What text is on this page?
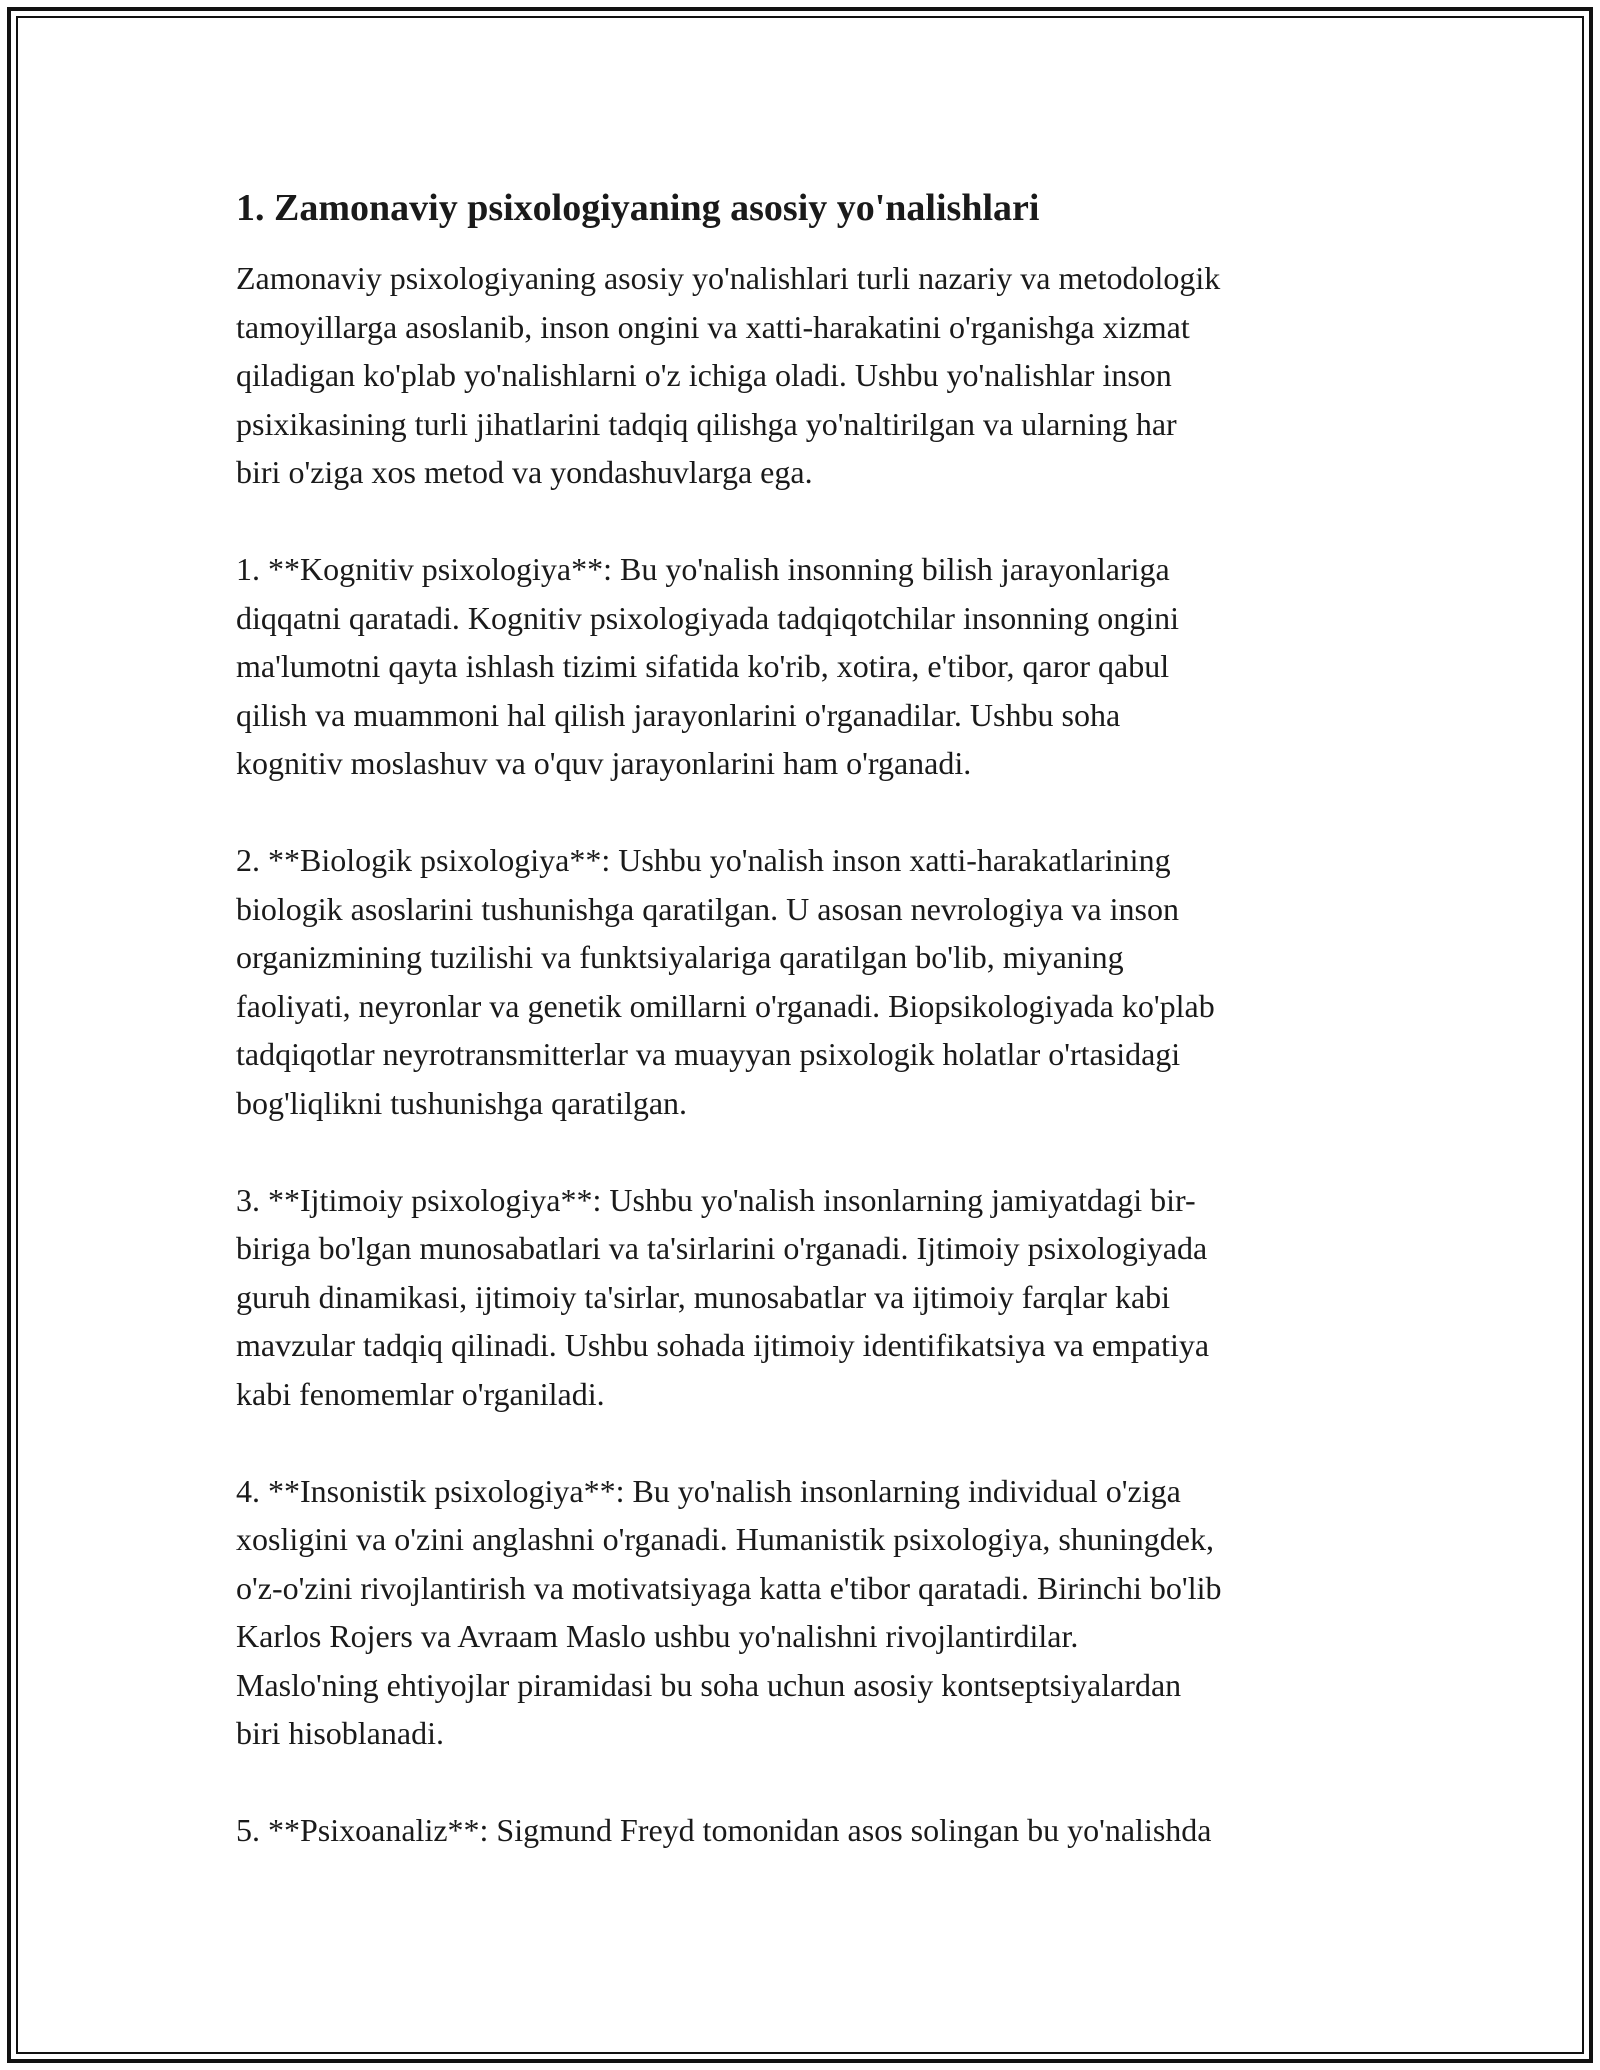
1. Zamonaviy psixologiyaning asosiy yo'nalishlari
Zamonaviy psixologiyaning asosiy yo'nalishlari turli nazariy va metodologik
tamoyillarga asoslanib, inson ongini va xatti-harakatini o'rganishga xizmat
qiladigan ko'plab yo'nalishlarni o'z ichiga oladi. Ushbu yo'nalishlar inson
psixikasining turli jihatlarini tadqiq qilishga yo'naltirilgan va ularning har
biri o'ziga xos metod va yondashuvlarga ega.
1. **Kognitiv psixologiya**: Bu yo'nalish insonning bilish jarayonlariga
diqqatni qaratadi. Kognitiv psixologiyada tadqiqotchilar insonning ongini
ma'lumotni qayta ishlash tizimi sifatida ko'rib, xotira, e'tibor, qaror qabul
qilish va muammoni hal qilish jarayonlarini o'rganadilar. Ushbu soha
kognitiv moslashuv va o'quv jarayonlarini ham o'rganadi.
2. **Biologik psixologiya**: Ushbu yo'nalish inson xatti-harakatlarining
biologik asoslarini tushunishga qaratilgan. U asosan nevrologiya va inson
organizmining tuzilishi va funktsiyalariga qaratilgan bo'lib, miyaning
faoliyati, neyronlar va genetik omillarni o'rganadi. Biopsikologiyada ko'plab
tadqiqotlar neyrotransmitterlar va muayyan psixologik holatlar o'rtasidagi
bog'liqlikni tushunishga qaratilgan.
3. **Ijtimoiy psixologiya**: Ushbu yo'nalish insonlarning jamiyatdagi bir-
biriga bo'lgan munosabatlari va ta'sirlarini o'rganadi. Ijtimoiy psixologiyada
guruh dinamikasi, ijtimoiy ta'sirlar, munosabatlar va ijtimoiy farqlar kabi
mavzular tadqiq qilinadi. Ushbu sohada ijtimoiy identifikatsiya va empatiya
kabi fenomemlar o'rganiladi.
4. **Insonistik psixologiya**: Bu yo'nalish insonlarning individual o'ziga
xosligini va o'zini anglashni o'rganadi. Humanistik psixologiya, shuningdek,
o'z-o'zini rivojlantirish va motivatsiyaga katta e'tibor qaratadi. Birinchi bo'lib
Karlos Rojers va Avraam Maslo ushbu yo'nalishni rivojlantirdilar.
Maslo'ning ehtiyojlar piramidasi bu soha uchun asosiy kontseptsiyalardan
biri hisoblanadi.
5. **Psixoanaliz**: Sigmund Freyd tomonidan asos solingan bu yo'nalishda
